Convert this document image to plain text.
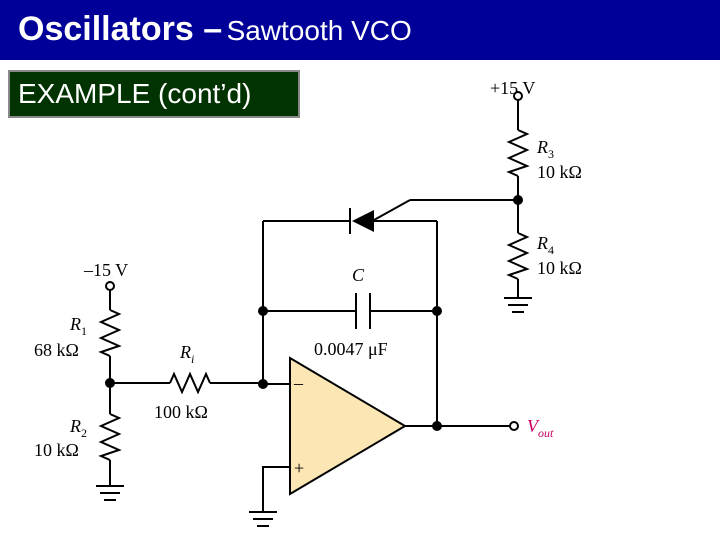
Oscillators – Sawtooth VCO
EXAMPLE (cont’d)
–
+
+15 V
$R_3$
10 kΩ
$R_4$
10 kΩ
C
0.0047 μF
–15 V
$R_1$
68 kΩ	$R_i$
100 kΩ
$R_2$
10 kΩ
$V_{out}$
